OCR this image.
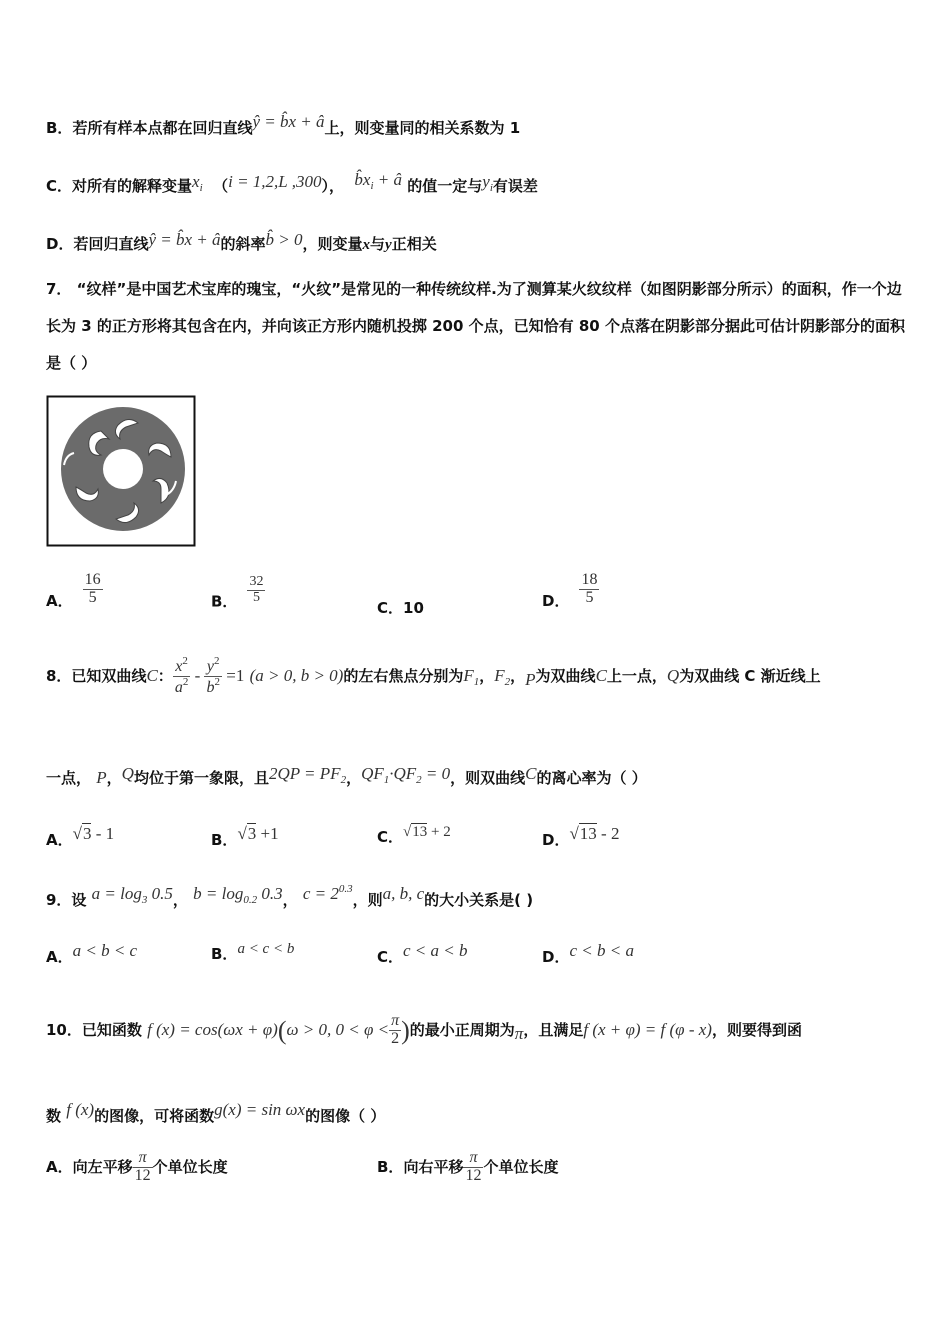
B．若所有样本点都在回归直线ŷ = b̂x + â上，则变量同的相关系数为 1
C．对所有的解释变量$x_i$ （i = 1,2,L ,300）， $b̂x_i$ + â 的值一定与$y_i$有误差
D．若回归直线ŷ = b̂x + â的斜率b̂ > 0，则变量x与y正相关
7． “纹样”是中国艺术宝库的瑰宝，“火纹”是常见的一种传统纹样.为了测算某火纹纹样（如图阴影部分所示）的面积，作一个边长为 3 的正方形将其包含在内，并向该正方形内随机投掷 200 个点，已知恰有 80 个点落在阴影部分据此可估计阴影部分的面积是（ ）
A． $\frac{16}{5}$	B． $\frac{32}{5}$
C．10	D． $\frac{18}{5}$
8．已知双曲线C： $\frac{x^2}{a^2} - \frac{y^2}{b^2} =1$ (a > 0, b > 0)的左右焦点分别为$F_1$，$F_2$，P为双曲线C上一点，Q为双曲线 C 渐近线上
一点， P，Q均位于第一象限，且$2QP = PF_2$，$QF_1\cdot QF_2 = 0$，则双曲线C的离心率为（ ）
A．√3 - 1	B．√3 +1	C．√13 + 2	D．√13 - 2
9．设 $a = \log_3 0.5$， $b = \log_{0.2} 0.3$， $c = 2^{0.3}$，则a, b, c的大小关系是( )
A．a < b < c	B．a < c < b	C．c < a < b	D．c < b < a
10．已知函数 f (x) = cos(ωx + φ)(ω > 0, $0 < \varphi < \frac{\pi}{2}$ )的最小正周期为π，且满足f (x + φ) = f (φ - x)，则要得到函
数 f (x)的图像，可将函数g(x) = sin ωx的图像（ ）
A．向左平移 $\frac{\pi}{12}$ 个单位长度	B．向右平移 $\frac{\pi}{12}$ 个单位长度
